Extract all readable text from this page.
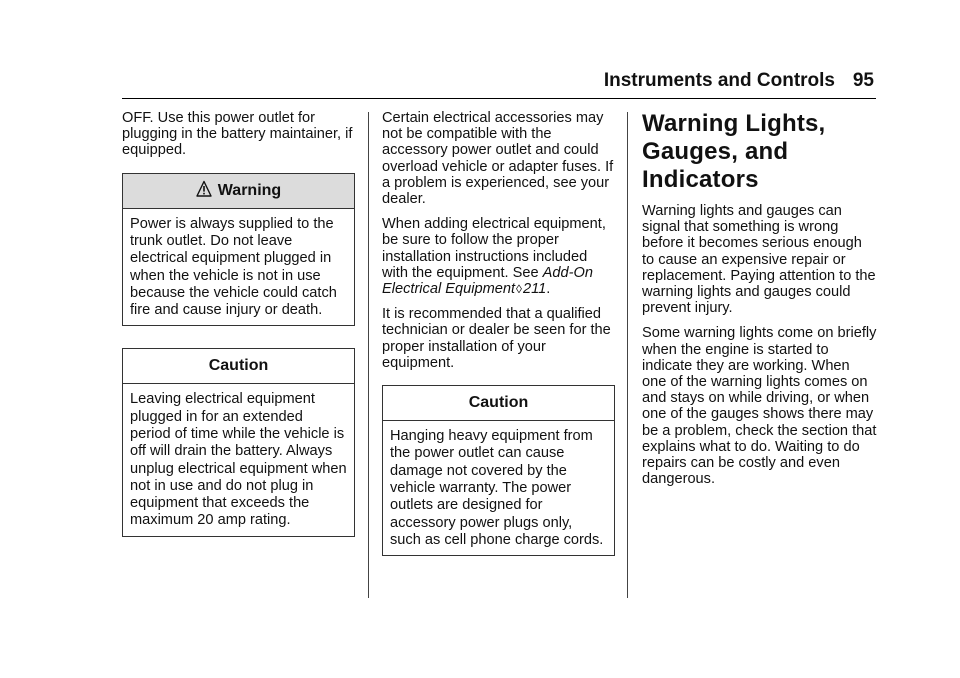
Instruments and Controls 95

OFF. Use this power outlet for plugging in the battery maintainer, if equipped.

Warning
Power is always supplied to the trunk outlet. Do not leave electrical equipment plugged in when the vehicle is not in use because the vehicle could catch fire and cause injury or death.
Caution
Leaving electrical equipment plugged in for an extended period of time while the vehicle is off will drain the battery. Always unplug electrical equipment when not in use and do not plug in equipment that exceeds the maximum 20 amp rating.

Certain electrical accessories may not be compatible with the accessory power outlet and could overload vehicle or adapter fuses. If a problem is experienced, see your dealer.

When adding electrical equipment, be sure to follow the proper installation instructions included with the equipment. See Add-On Electrical Equipment◊211.

It is recommended that a qualified technician or dealer be seen for the proper installation of your equipment.

Caution
Hanging heavy equipment from the power outlet can cause damage not covered by the vehicle warranty. The power outlets are designed for accessory power plugs only, such as cell phone charge cords.
Warning Lights, Gauges, and Indicators

Warning lights and gauges can signal that something is wrong before it becomes serious enough to cause an expensive repair or replacement. Paying attention to the warning lights and gauges could prevent injury.

Some warning lights come on briefly when the engine is started to indicate they are working. When one of the warning lights comes on and stays on while driving, or when one of the gauges shows there may be a problem, check the section that explains what to do. Waiting to do repairs can be costly and even dangerous.
